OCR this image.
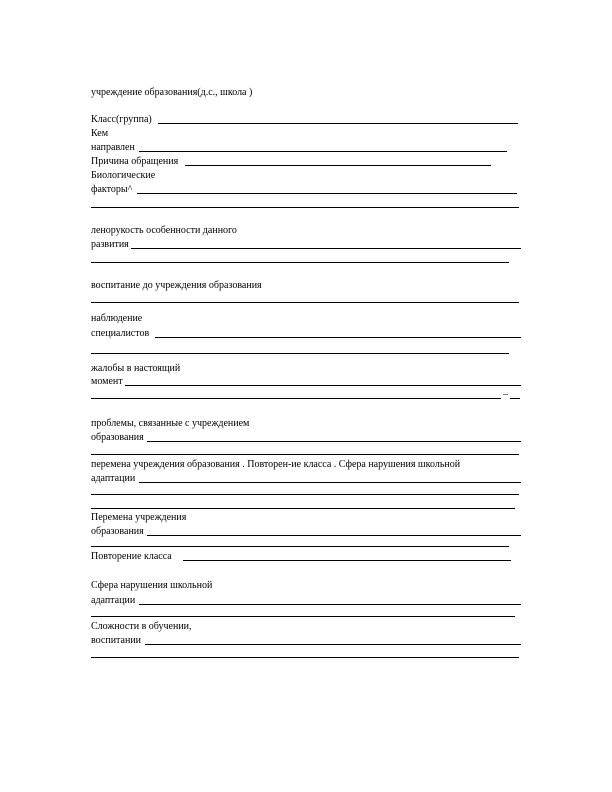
учреждение образования(д.с., школа )
Класс(группа)
Кем
направлен
Причина обращения
Биологические
факторы^
ленорукость особенности данного
развития
воспитание до учреждения образования
наблюдение
специалистов
жалобы в настоящий
момент
–
проблемы, связанные с учреждением
образования
перемена учреждения образования . Повторен-ие класса . Сфера нарушения школьной
адаптации
Перемена учреждения
образования
Повторение класса
Сфера нарушения школьной
адаптации
Сложности в обучении,
воспитании
